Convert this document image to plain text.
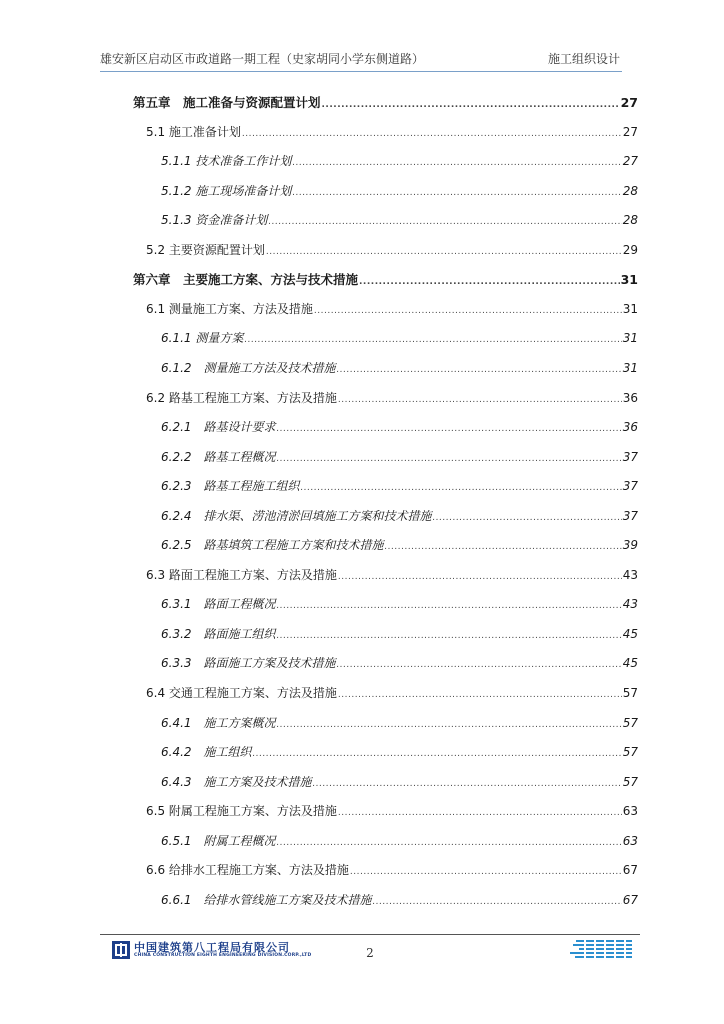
雄安新区启动区市政道路一期工程（史家胡同小学东侧道路）	施工组织设计
第五章　施工准备与资源配置计划 .....	27
5.1 施工准备计划 .....	27
5.1.1 技术准备工作计划 .....	27
5.1.2 施工现场准备计划 .....	28
5.1.3 资金准备计划 .....	28
5.2 主要资源配置计划 .....	29
第六章　主要施工方案、方法与技术措施 .....	31
6.1 测量施工方案、方法及措施 .....	31
6.1.1 测量方案 .....	31
6.1.2　测量施工方法及技术措施 .....	31
6.2 路基工程施工方案、方法及措施 .....	36
6.2.1　路基设计要求 .....	36
6.2.2　路基工程概况 .....	37
6.2.3　路基工程施工组织 .....	37
6.2.4　排水渠、涝池清淤回填施工方案和技术措施 .....	37
6.2.5　路基填筑工程施工方案和技术措施 .....	39
6.3 路面工程施工方案、方法及措施 .....	43
6.3.1　路面工程概况 .....	43
6.3.2　路面施工组织 .....	45
6.3.3　路面施工方案及技术措施 .....	45
6.4 交通工程施工方案、方法及措施 .....	57
6.4.1　施工方案概况 .....	57
6.4.2　施工组织 .....	57
6.4.3　施工方案及技术措施 .....	57
6.5 附属工程施工方案、方法及措施 .....	63
6.5.1　附属工程概况 .....	63
6.6 给排水工程施工方案、方法及措施 .....	67
6.6.1　给排水管线施工方案及技术措施 .....	67
中国建筑第八工程局有限公司
CHINA CONSTRUCTION EIGHTH ENGINEERING DIVISION.CORP.,LTD	2
